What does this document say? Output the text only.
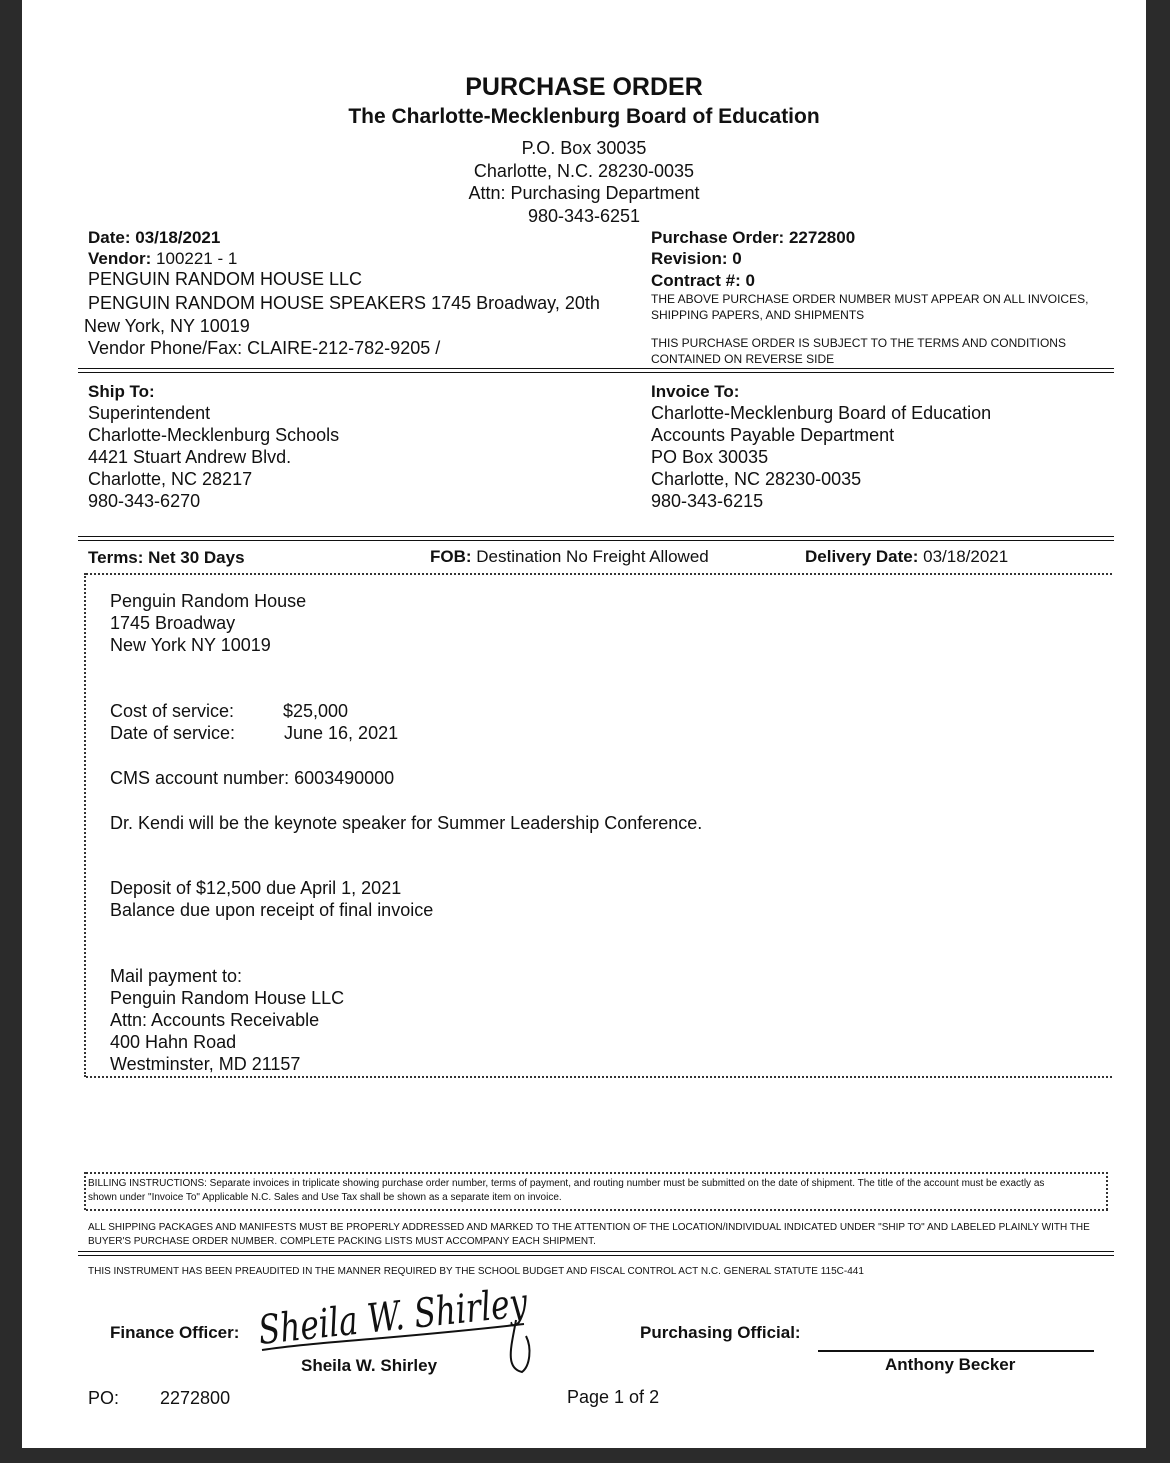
PURCHASE ORDER
The Charlotte-Mecklenburg Board of Education
P.O. Box 30035
Charlotte, N.C. 28230-0035
Attn: Purchasing Department
980-343-6251
Date: 03/18/2021
Vendor: 100221 - 1
PENGUIN RANDOM HOUSE LLC
PENGUIN RANDOM HOUSE SPEAKERS 1745 Broadway, 20th
New York, NY 10019
Vendor Phone/Fax: CLAIRE-212-782-9205 /
Purchase Order: 2272800
Revision: 0
Contract #: 0
THE ABOVE PURCHASE ORDER NUMBER MUST APPEAR ON ALL INVOICES, SHIPPING PAPERS, AND SHIPMENTS
THIS PURCHASE ORDER IS SUBJECT TO THE TERMS AND CONDITIONS CONTAINED ON REVERSE SIDE
Ship To:
Superintendent
Charlotte-Mecklenburg Schools
4421 Stuart Andrew Blvd.
Charlotte, NC 28217
980-343-6270
Invoice To:
Charlotte-Mecklenburg Board of Education
Accounts Payable Department
PO Box 30035
Charlotte, NC 28230-0035
980-343-6215
Terms: Net 30 Days	FOB: Destination No Freight Allowed	Delivery Date: 03/18/2021
Penguin Random House
1745 Broadway
New York NY 10019
Cost of service:	$25,000
Date of service:	June 16, 2021
CMS account number: 6003490000
Dr. Kendi will be the keynote speaker for Summer Leadership Conference.
Deposit of $12,500 due April 1, 2021
Balance due upon receipt of final invoice
Mail payment to:
Penguin Random House LLC
Attn: Accounts Receivable
400 Hahn Road
Westminster, MD 21157
BILLING INSTRUCTIONS: Separate invoices in triplicate showing purchase order number, terms of payment, and routing number must be submitted on the date of shipment. The title of the account must be exactly as shown under "Invoice To" Applicable N.C. Sales and Use Tax shall be shown as a separate item on invoice.
ALL SHIPPING PACKAGES AND MANIFESTS MUST BE PROPERLY ADDRESSED AND MARKED TO THE ATTENTION OF THE LOCATION/INDIVIDUAL INDICATED UNDER "SHIP TO" AND LABELED PLAINLY WITH THE BUYER'S PURCHASE ORDER NUMBER. COMPLETE PACKING LISTS MUST ACCOMPANY EACH SHIPMENT.
THIS INSTRUMENT HAS BEEN PREAUDITED IN THE MANNER REQUIRED BY THE SCHOOL BUDGET AND FISCAL CONTROL ACT N.C. GENERAL STATUTE 115C-441
Finance Officer: Sheila W. Shirley
Sheila W. Shirley
Purchasing Official:
Anthony Becker
PO: 2272800	Page 1 of 2
